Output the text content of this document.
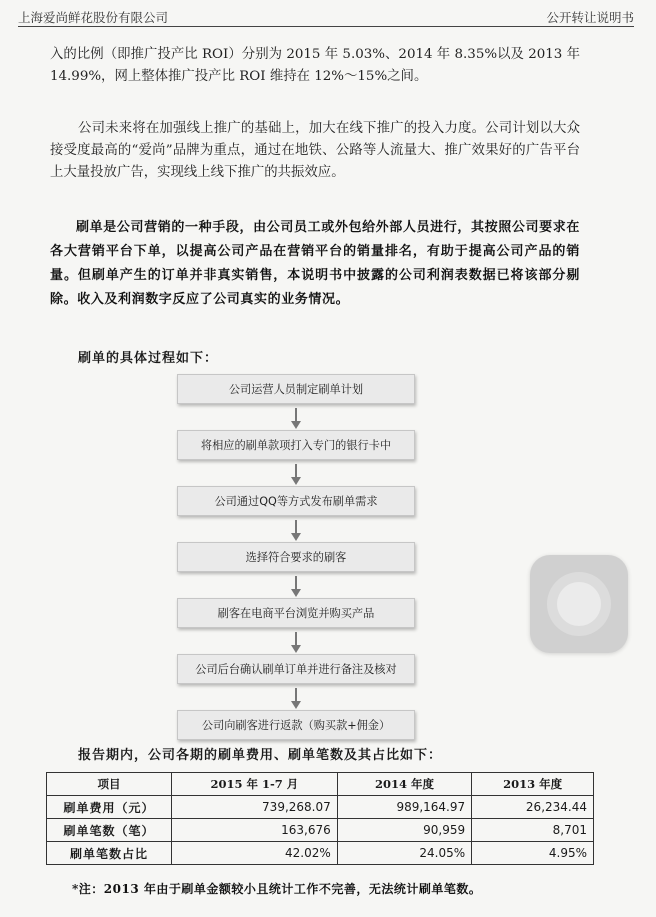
上海爱尚鲜花股份有限公司	公开转让说明书
入的比例（即推广投产比 ROI）分别为 2015 年 5.03%、2014 年 8.35%以及 2013 年 14.99%，网上整体推广投产比 ROI 维持在 12%～15%之间。
公司未来将在加强线上推广的基础上，加大在线下推广的投入力度。公司计划以大众接受度最高的“爱尚”品牌为重点，通过在地铁、公路等人流量大、推广效果好的广告平台上大量投放广告，实现线上线下推广的共振效应。
刷单是公司营销的一种手段，由公司员工或外包给外部人员进行，其按照公司要求在各大营销平台下单，以提高公司产品在营销平台的销量排名，有助于提高公司产品的销量。但刷单产生的订单并非真实销售，本说明书中披露的公司利润表数据已将该部分剔除。收入及利润数字反应了公司真实的业务情况。
刷单的具体过程如下：
公司运营人员制定刷单计划
将相应的刷单款项打入专门的银行卡中
公司通过QQ等方式发布刷单需求
选择符合要求的刷客
刷客在电商平台浏览并购买产品
公司后台确认刷单订单并进行备注及核对
公司向刷客进行返款（购买款+佣金）
报告期内，公司各期的刷单费用、刷单笔数及其占比如下：
项目	2015 年 1-7 月	2014 年度	2013 年度
刷单费用（元）	739,268.07	989,164.97	26,234.44
刷单笔数（笔）	163,676	90,959	8,701
刷单笔数占比	42.02%	24.05%	4.95%
*注：2013 年由于刷单金额较小且统计工作不完善，无法统计刷单笔数。
